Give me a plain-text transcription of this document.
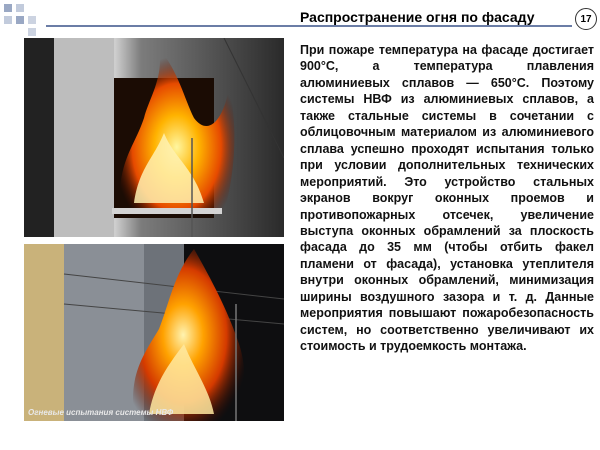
Распространение огня по фасаду	17
Огневые испытания системы НВФ
При пожаре температура на фасаде достигает 900°С, а температура плавления алюминиевых сплавов — 650°С. Поэтому системы НВФ из алюминиевых сплавов, а также стальные системы в сочетании с облицовочным материалом из алюминиевого сплава успешно проходят испытания только при условии дополнительных технических мероприятий. Это устройство стальных экранов вокруг оконных проемов и противопожарных отсечек, увеличение выступа оконных обрамлений за плоскость фасада до 35 мм (чтобы отбить факел пламени от фасада), установка утеплителя внутри оконных обрамлений, минимизация ширины воздушного зазора и т. д. Данные мероприятия повышают пожаробезопасность систем, но соответственно увеличивают их стоимость и трудоемкость монтажа.
